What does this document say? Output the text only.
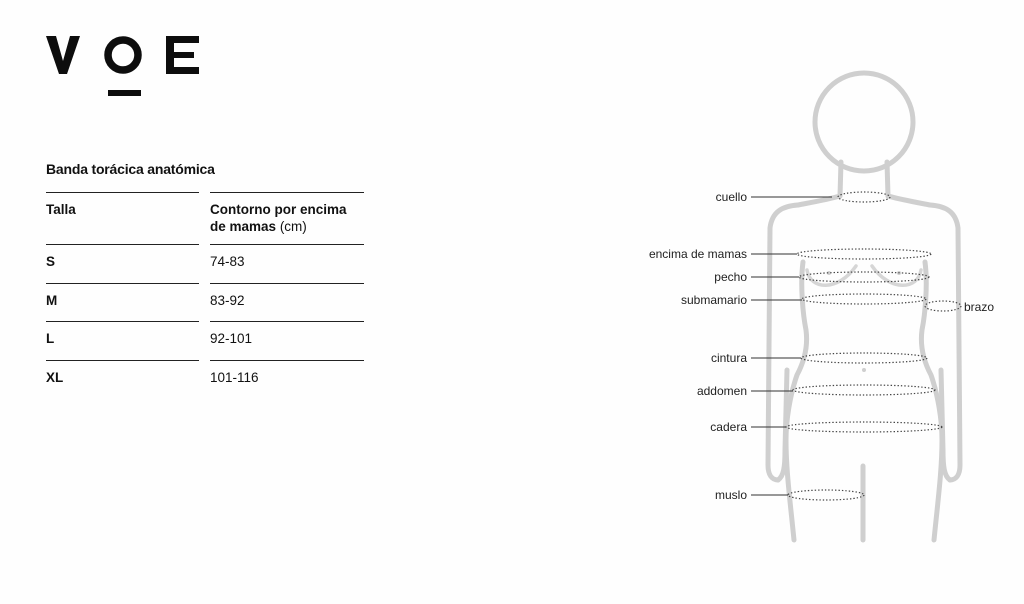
Banda torácica anatómica
Talla		Contorno por encima de mamas (cm)
S		74-83
M		83-92
L		92-101
XL		101-116
cuello
encima de mamas
pecho
submamario
cintura
addomen
cadera
muslo
brazo
